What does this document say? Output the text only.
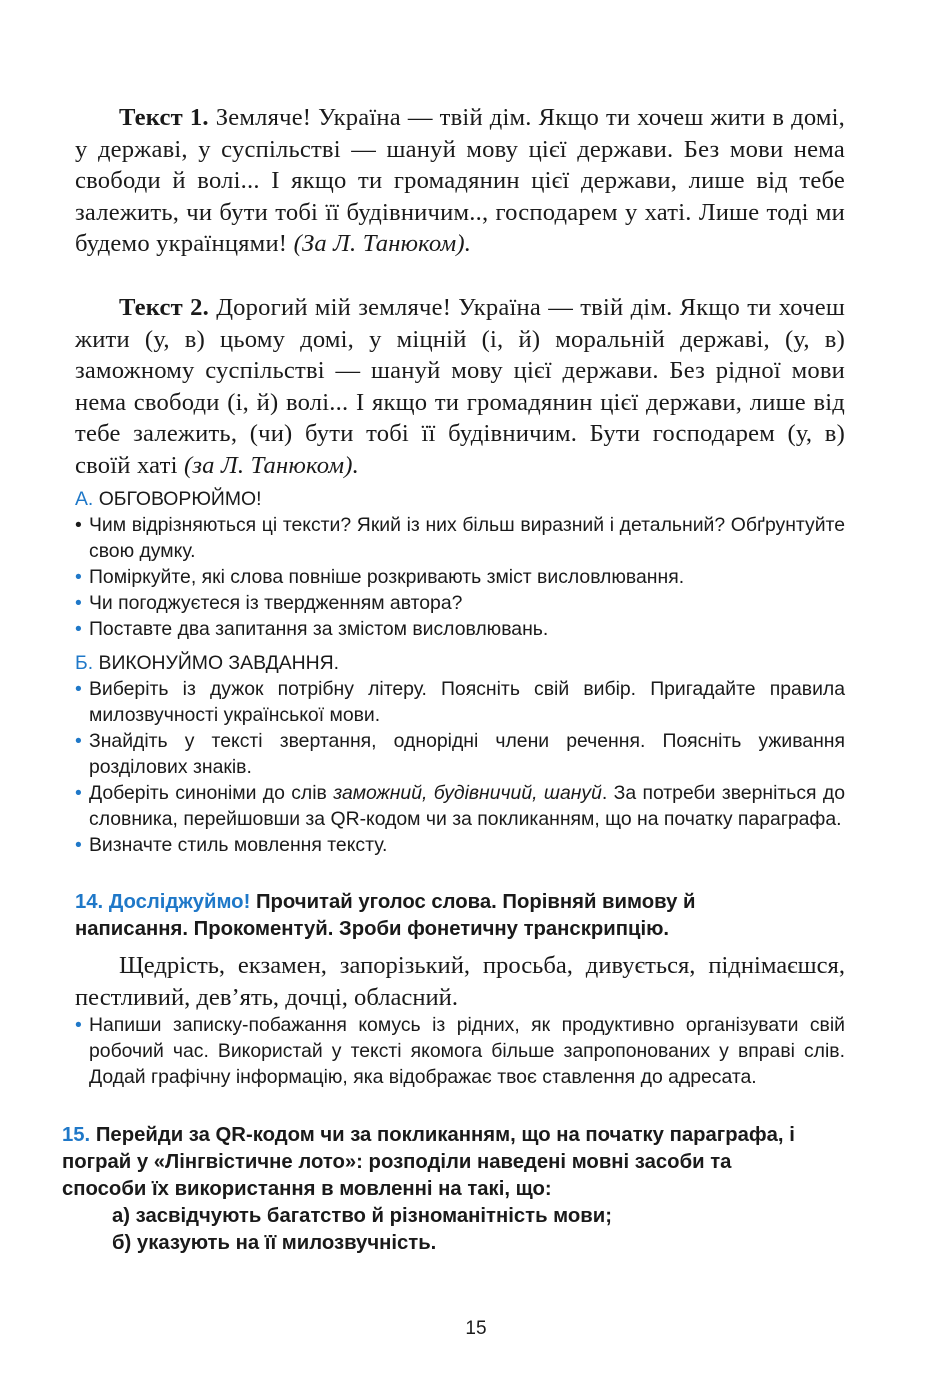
Текст 1. Земляче! Україна — твій дім. Якщо ти хочеш жити в домі, у державі, у суспільстві — шануй мову цієї держави. Без мови нема свободи й волі... І якщо ти громадянин цієї держави, лише від тебе залежить, чи бути тобі її будівничим.., господарем у хаті. Лише тоді ми будемо українцями! (За Л. Танюком).

Текст 2. Дорогий мій земляче! Україна — твій дім. Якщо ти хочеш жити (у, в) цьому домі, у міцній (і, й) моральній державі, (у, в) заможному суспільстві — шануй мову цієї держави. Без рідної мови нема свободи (і, й) волі... І якщо ти громадянин цієї держави, лише від тебе залежить, (чи) бути тобі її будівничим. Бути господарем (у, в) своїй хаті (за Л. Танюком).

А. ОБГОВОРЮЙМО!

• Чим відрізняються ці тексти? Який із них більш виразний і детальний? Обґрунтуйте свою думку.
• Поміркуйте, які слова повніше розкривають зміст висловлювання.
• Чи погоджуєтеся із твердженням автора?
• Поставте два запитання за змістом висловлювань.

Б. ВИКОНУЙМО ЗАВДАННЯ.

• Виберіть із дужок потрібну літеру. Поясніть свій вибір. Пригадайте правила милозвучності української мови.
• Знайдіть у тексті звертання, однорідні члени речення. Поясніть уживання розділових знаків.
• Доберіть синоніми до слів заможний, будівничий, шануй. За потреби зверніться до словника, перейшовши за QR-кодом чи за покликанням, що на початку параграфа.
• Визначте стиль мовлення тексту.
14. Досліджуймо! Прочитай уголос слова. Порівняй вимову й написання. Прокоментуй. Зроби фонетичну транскрипцію.

Щедрість, екзамен, запорізький, просьба, дивується, піднімаєшся, пестливий, дев’ять, дочці, обласний.

• Напиши записку-побажання комусь із рідних, як продуктивно організувати свій робочий час. Використай у тексті якомога більше запропонованих у вправі слів. Додай графічну інформацію, яка відображає твоє ставлення до адресата.
15. Перейди за QR-кодом чи за покликанням, що на початку параграфа, і пограй у «Лінгвістичне лото»: розподіли наведені мовні засоби та способи їх використання в мовленні на такі, що:
а) засвідчують багатство й різноманітність мови;
б) указують на її милозвучність.
15
